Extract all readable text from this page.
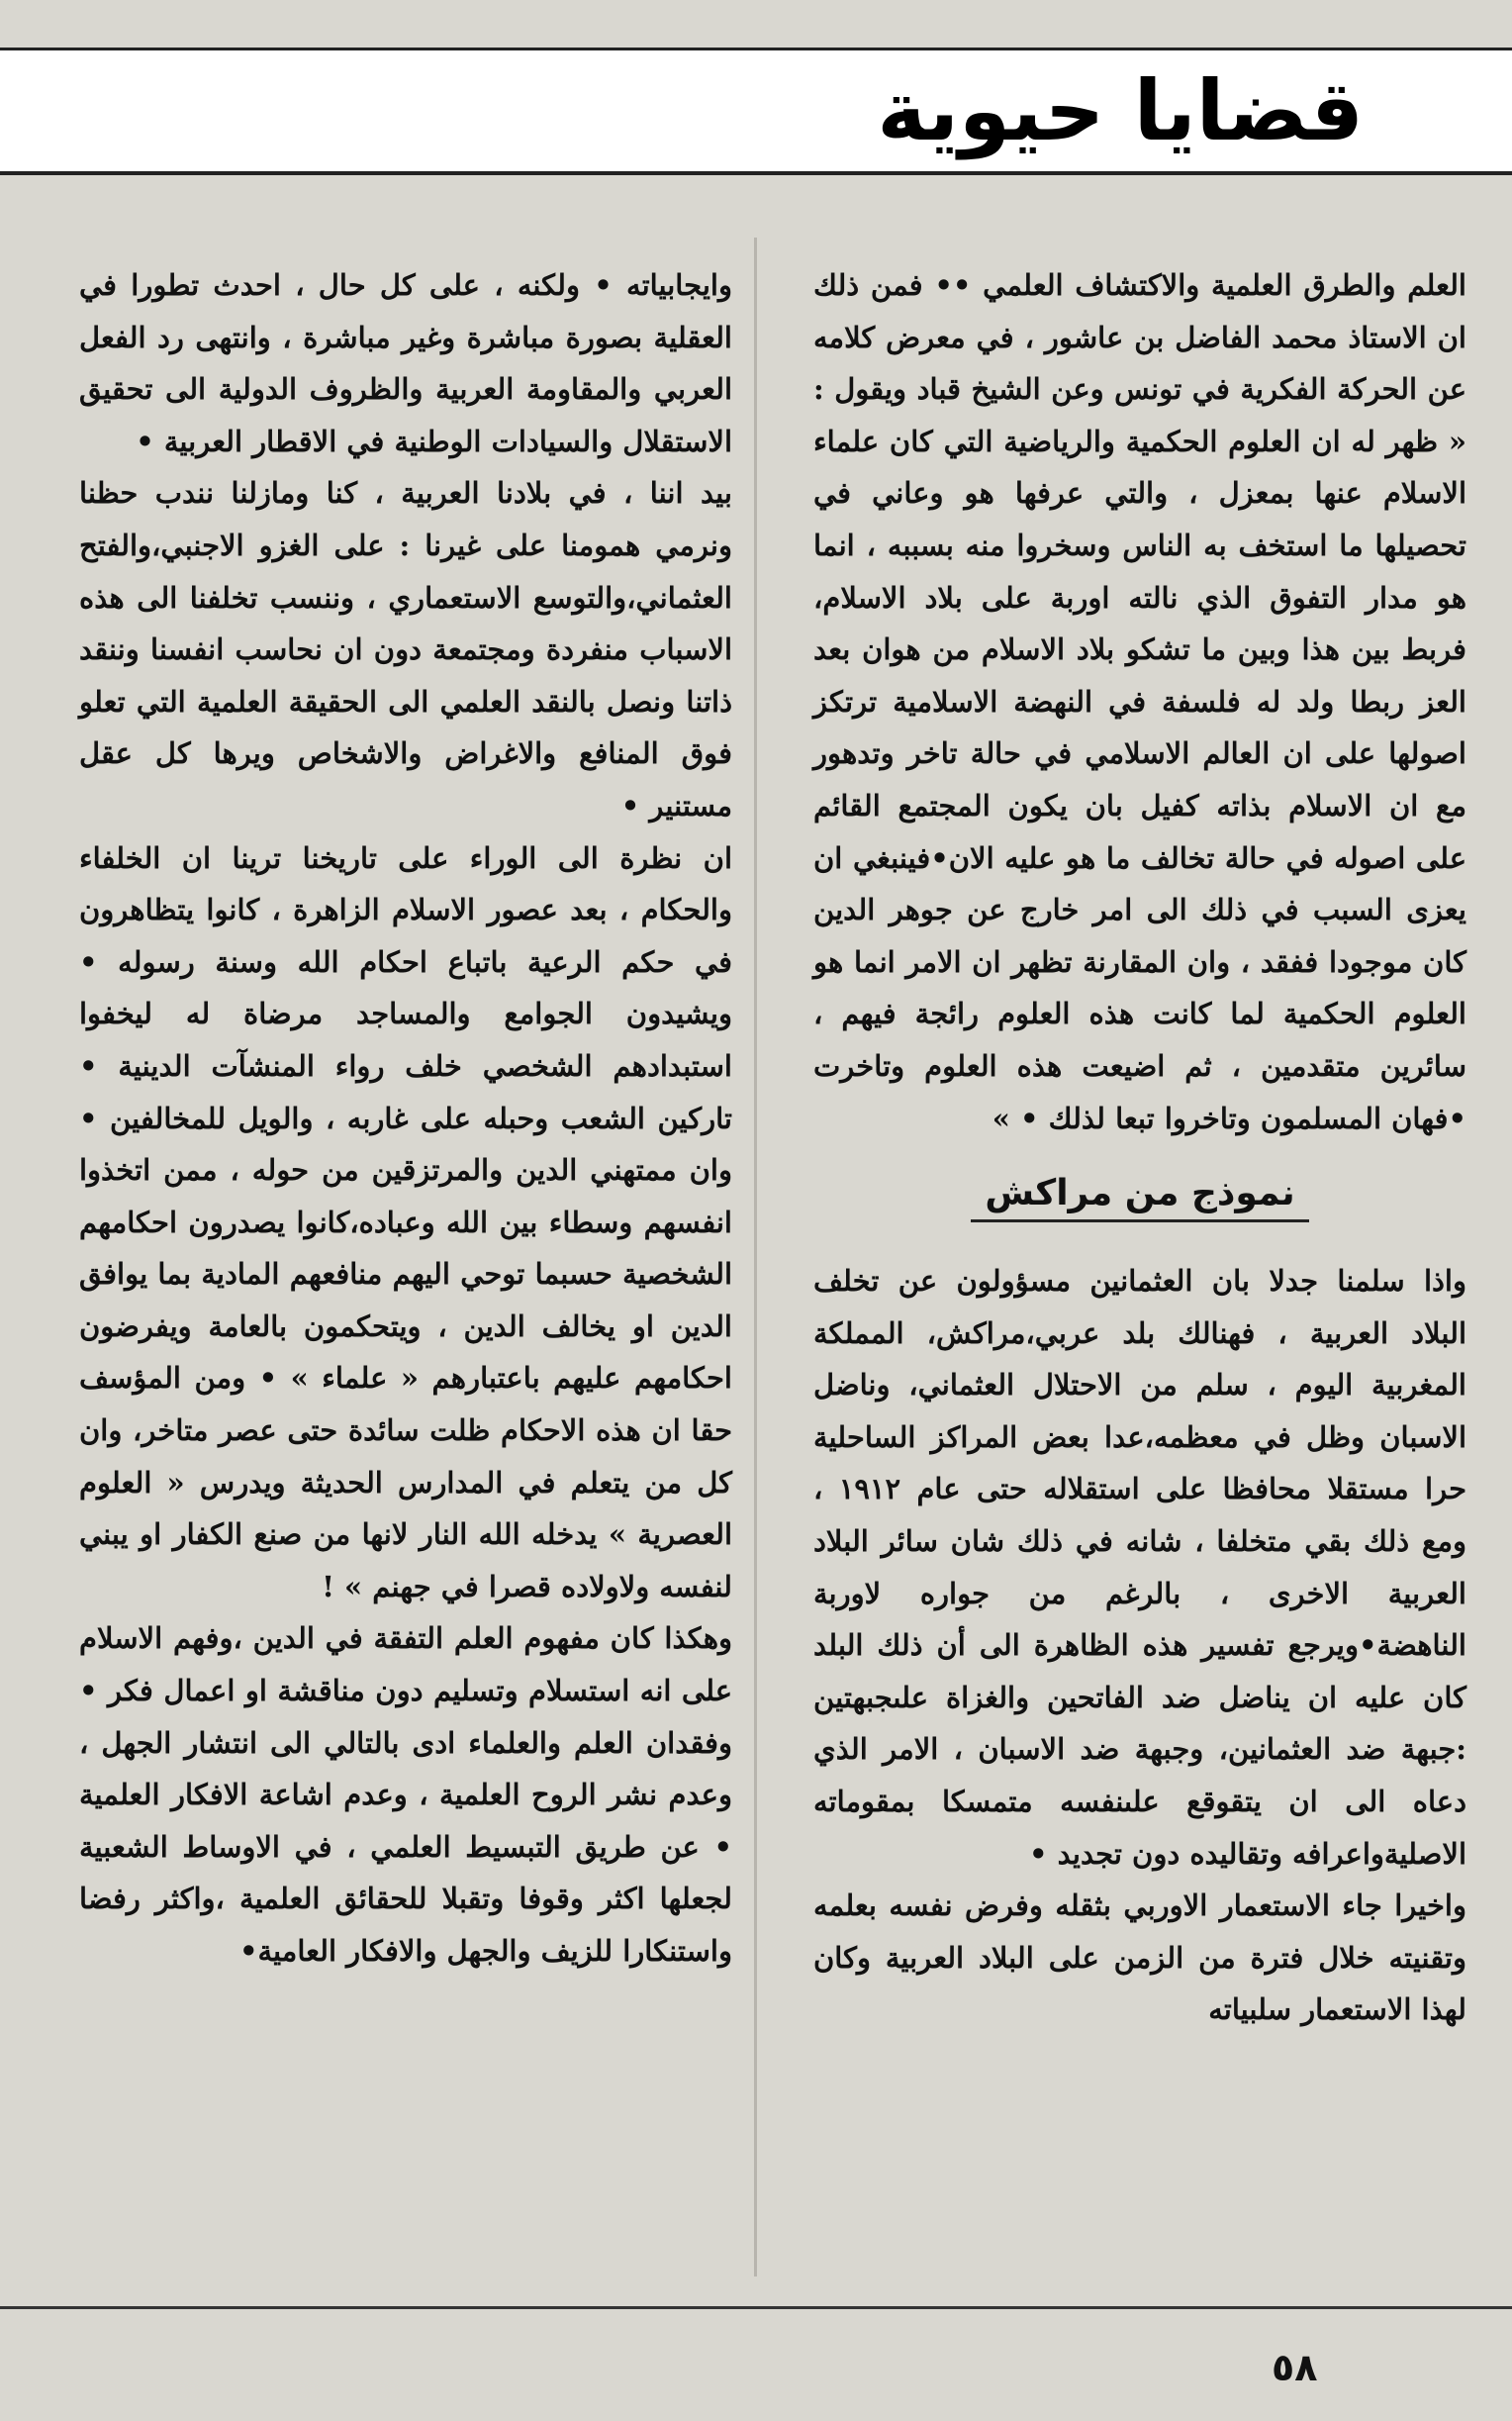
قضايا حيوية

العلم والطرق العلمية والاكتشاف العلمي •• فمن ذلك ان الاستاذ محمد الفاضل بن عاشور ، في معرض كلامه عن الحركة الفكرية في تونس وعن الشيخ قباد ويقول : « ظهر له ان العلوم الحكمية والرياضية التي كان علماء الاسلام عنها بمعزل ، والتي عرفها هو وعاني في تحصيلها ما استخف به الناس وسخروا منه بسببه ، انما هو مدار التفوق الذي نالته اوربة على بلاد الاسلام، فربط بين هذا وبين ما تشكو بلاد الاسلام من هوان بعد العز ربطا ولد له فلسفة في النهضة الاسلامية ترتكز اصولها على ان العالم الاسلامي في حالة تاخر وتدهور مع ان الاسلام بذاته كفيل بان يكون المجتمع القائم على اصوله في حالة تخالف ما هو عليه الان•فينبغي ان يعزى السبب في ذلك الى امر خارج عن جوهر الدين كان موجودا ففقد ، وان المقارنة تظهر ان الامر انما هو العلوم الحكمية لما كانت هذه العلوم رائجة فيهم ، سائرين متقدمين ، ثم اضيعت هذه العلوم وتاخرت •فهان المسلمون وتاخروا تبعا لذلك • »

نموذج من مراكش

واذا سلمنا جدلا بان العثمانين مسؤولون عن تخلف البلاد العربية ، فهنالك بلد عربي،مراكش، المملكة المغربية اليوم ، سلم من الاحتلال العثماني، وناضل الاسبان وظل في معظمه،عدا بعض المراكز الساحلية حرا مستقلا محافظا على استقلاله حتى عام ١٩١٢ ، ومع ذلك بقي متخلفا ، شانه في ذلك شان سائر البلاد العربية الاخرى ، بالرغم من جواره لاوربة الناهضة•ويرجع تفسير هذه الظاهرة الى أن ذلك البلد كان عليه ان يناضل ضد الفاتحين والغزاة علىجبهتين :جبهة ضد العثمانين، وجبهة ضد الاسبان ، الامر الذي دعاه الى ان يتقوقع علىنفسه متمسكا بمقوماته الاصليةواعرافه وتقاليده دون تجديد •

واخيرا جاء الاستعمار الاوربي بثقله وفرض نفسه بعلمه وتقنيته خلال فترة من الزمن على البلاد العربية وكان لهذا الاستعمار سلبياته

وايجابياته • ولكنه ، على كل حال ، احدث تطورا في العقلية بصورة مباشرة وغير مباشرة ، وانتهى رد الفعل العربي والمقاومة العربية والظروف الدولية الى تحقيق الاستقلال والسيادات الوطنية في الاقطار العربية •

بيد اننا ، في بلادنا العربية ، كنا ومازلنا نندب حظنا ونرمي همومنا على غيرنا : على الغزو الاجنبي،والفتح العثماني،والتوسع الاستعماري ، وننسب تخلفنا الى هذه الاسباب منفردة ومجتمعة دون ان نحاسب انفسنا وننقد ذاتنا ونصل بالنقد العلمي الى الحقيقة العلمية التي تعلو فوق المنافع والاغراض والاشخاص ويرها كل عقل مستنير •

ان نظرة الى الوراء على تاريخنا ترينا ان الخلفاء والحكام ، بعد عصور الاسلام الزاهرة ، كانوا يتظاهرون في حكم الرعية باتباع احكام الله وسنة رسوله • ويشيدون الجوامع والمساجد مرضاة له ليخفوا استبدادهم الشخصي خلف رواء المنشآت الدينية • تاركين الشعب وحبله على غاربه ، والويل للمخالفين • وان ممتهني الدين والمرتزقين من حوله ، ممن اتخذوا انفسهم وسطاء بين الله وعباده،كانوا يصدرون احكامهم الشخصية حسبما توحي اليهم منافعهم المادية بما يوافق الدين او يخالف الدين ، ويتحكمون بالعامة ويفرضون احكامهم عليهم باعتبارهم « علماء » • ومن المؤسف حقا ان هذه الاحكام ظلت سائدة حتى عصر متاخر، وان كل من يتعلم في المدارس الحديثة ويدرس « العلوم العصرية » يدخله الله النار لانها من صنع الكفار او يبني لنفسه ولاولاده قصرا في جهنم » !

وهكذا كان مفهوم العلم التفقة في الدين ،وفهم الاسلام على انه استسلام وتسليم دون مناقشة او اعمال فكر • وفقدان العلم والعلماء ادى بالتالي الى انتشار الجهل ، وعدم نشر الروح العلمية ، وعدم اشاعة الافكار العلمية • عن طريق التبسيط العلمي ، في الاوساط الشعبية لجعلها اكثر وقوفا وتقبلا للحقائق العلمية ،واكثر رفضا واستنكارا للزيف والجهل والافكار العامية•

٥٨
